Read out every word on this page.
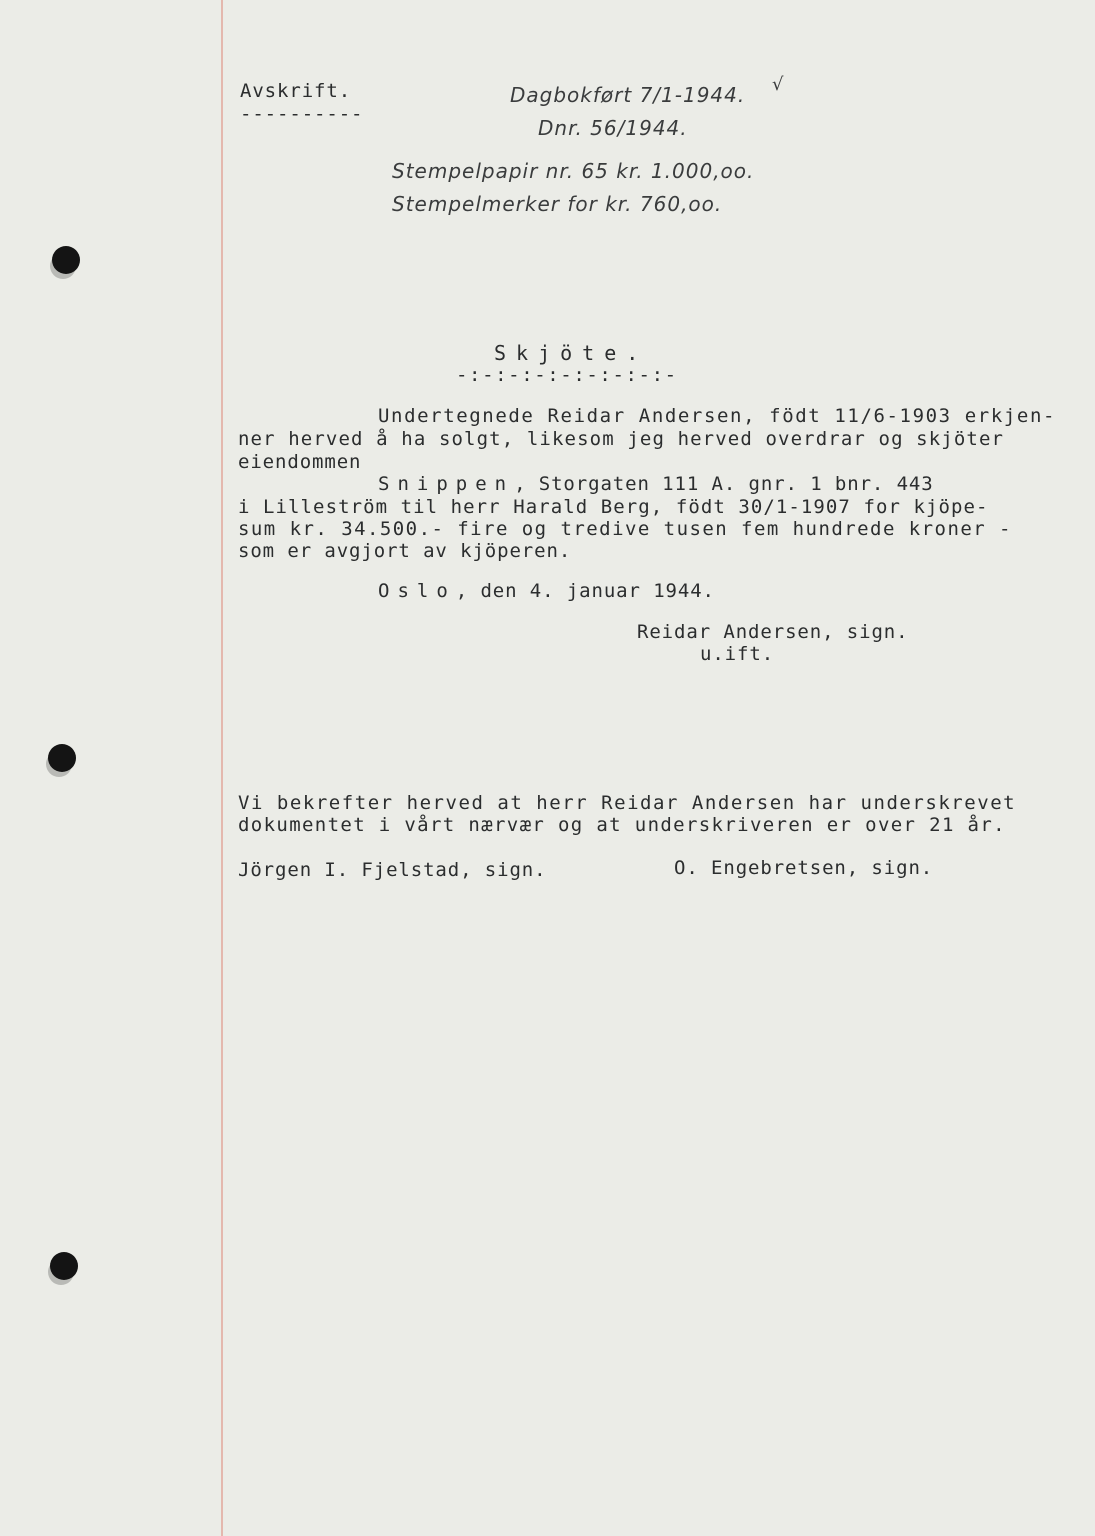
Avskrift.
----------
Dagbokført 7/1-1944. √
Dnr. 56/1944.
Stempelpapir nr. 65 kr. 1.000,oo.
Stempelmerker for kr. 760,oo.
Skjöte.
-:-:-:-:-:-:-:-:-
Undertegnede Reidar Andersen, födt 11/6-1903 erkjen-
ner herved å ha solgt, likesom jeg herved overdrar og skjöter
eiendommen
Snippen, Storgaten 111 A. gnr. 1 bnr. 443
i Lilleström til herr Harald Berg, födt 30/1-1907 for kjöpe-
sum kr. 34.500.- fire og tredive tusen fem hundrede kroner -
som er avgjort av kjöperen.
Oslo, den 4. januar 1944.
Reidar Andersen, sign.
u.ift.
Vi bekrefter herved at herr Reidar Andersen har underskrevet
dokumentet i vårt nærvær og at underskriveren er over 21 år.
Jörgen I. Fjelstad, sign.	O. Engebretsen, sign.
